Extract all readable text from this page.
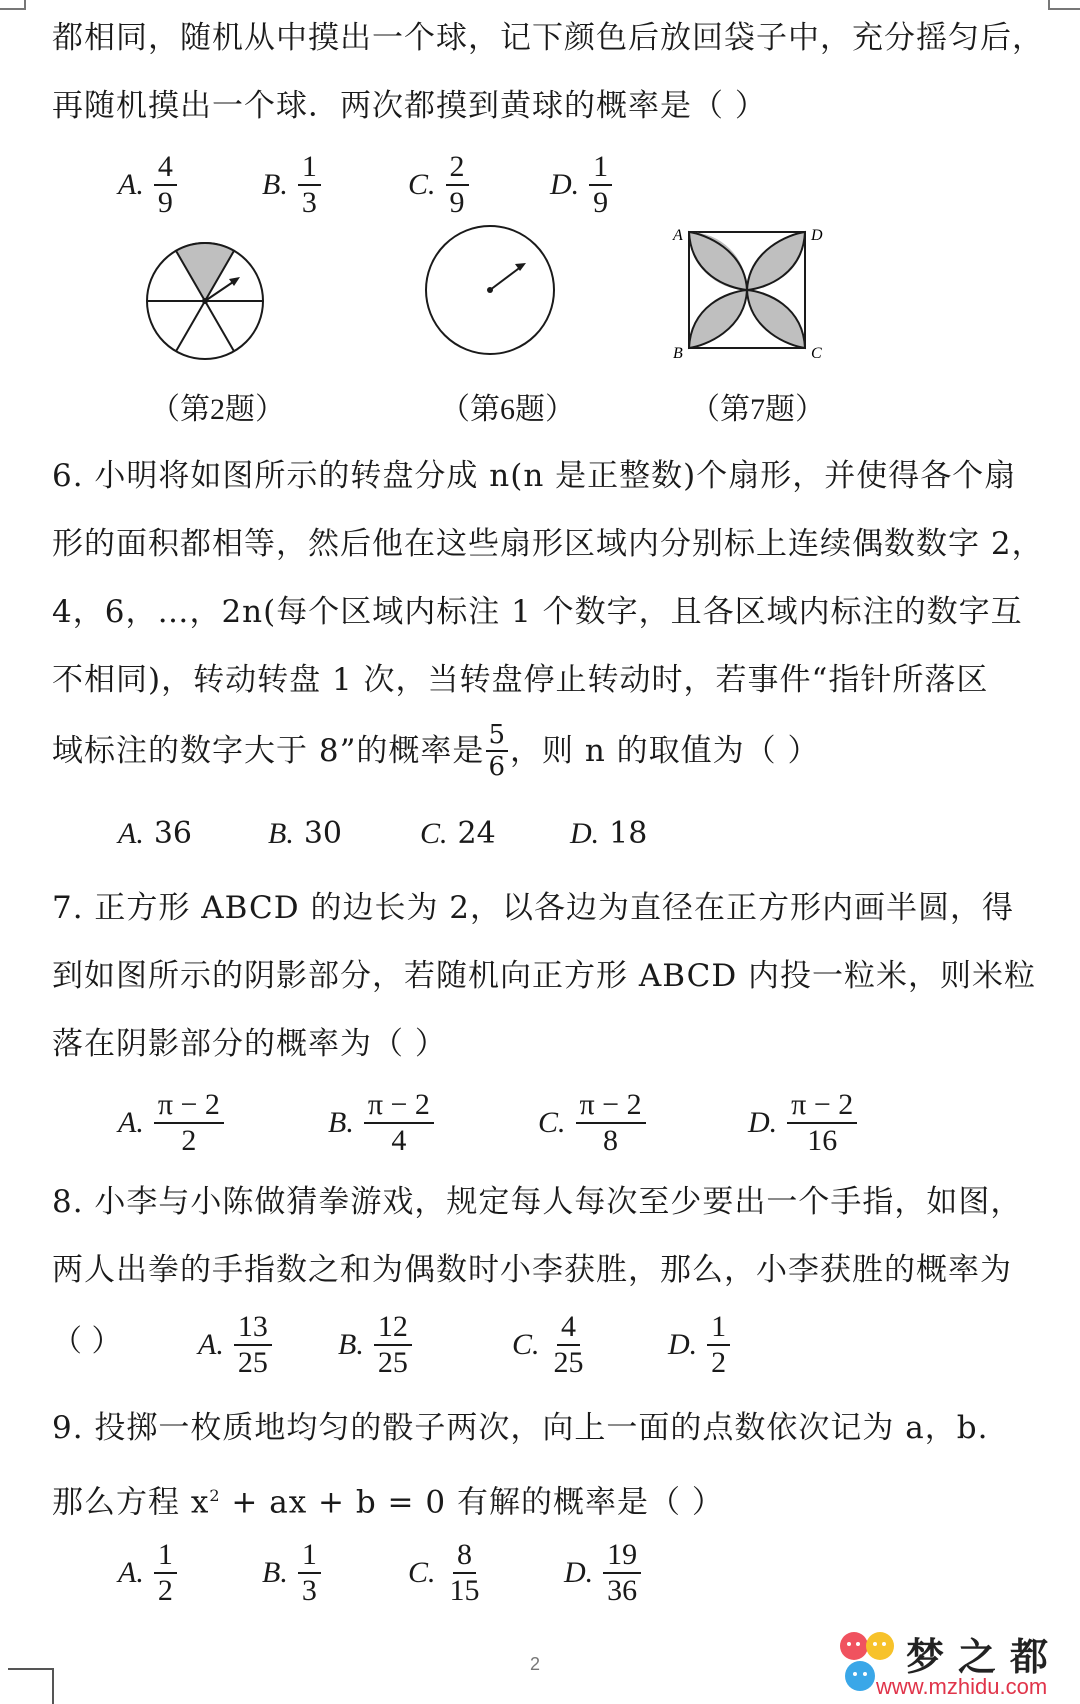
都相同，随机从中摸出一个球，记下颜色后放回袋子中，充分摇匀后，
再随机摸出一个球．两次都摸到黄球的概率是（ ）
A. $\frac{4}{9}$	B. $\frac{1}{3}$	C. $\frac{2}{9}$	D. $\frac{1}{9}$
A	D
B	C
（第2题）	（第6题）	（第7题）
6. 小明将如图所示的转盘分成 n(n 是正整数)个扇形，并使得各个扇
形的面积都相等，然后他在这些扇形区域内分别标上连续偶数数字 2，
4，6，…，2n(每个区域内标注 1 个数字，且各区域内标注的数字互
不相同)，转动转盘 1 次，当转盘停止转动时，若事件“指针所落区
域标注的数字大于 8”的概率是 $\frac{5}{6}$ ，则 n 的取值为（ ）
A. 36	B. 30	C. 24 D. 18
7. 正方形 ABCD 的边长为 2，以各边为直径在正方形内画半圆，得
到如图所示的阴影部分，若随机向正方形 ABCD 内投一粒米，则米粒
落在阴影部分的概率为（ ）
A. $\frac{\pi - 2}{2}$	B. $\frac{\pi - 2}{4}$	C. $\frac{\pi - 2}{8}$	D. $\frac{\pi - 2}{16}$
8. 小李与小陈做猜拳游戏，规定每人每次至少要出一个手指，如图，
两人出拳的手指数之和为偶数时小李获胜，那么，小李获胜的概率为
（ ）	A. $\frac{13}{25} B$. $\frac{12}{25}$	C. $\frac{4}{25}$	D. $\frac{1}{2}$
9. 投掷一枚质地均匀的骰子两次，向上一面的点数依次记为 a，b.
那么方程 $x^2$ + ax + b = 0 有解的概率是（ ）
A. $\frac{1}{2}$	B. $\frac{1}{3}$	C. $\frac{8}{15}$	D. $\frac{19}{36}$
2	梦之都
www.mzhidu.com
